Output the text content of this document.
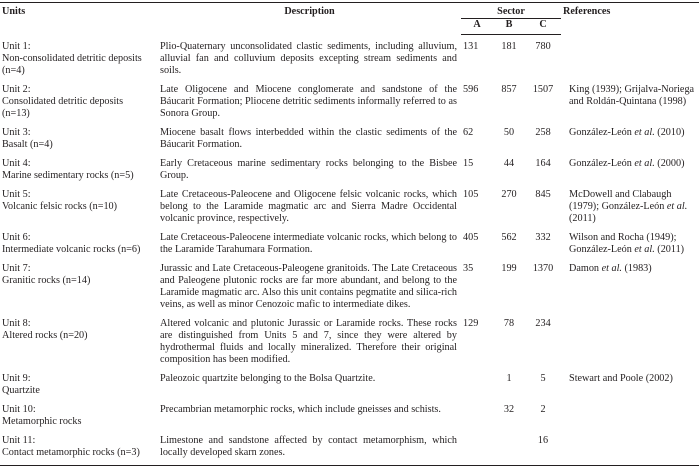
Units	Description	Sector			References
		A	B	C	

Unit 1:
Non-consolidated detritic deposits
(n=4)	Plio-Quaternary unconsolidated clastic sediments, including alluvium, alluvial fan and colluvium deposits excepting stream sediments and soils.	131	181	780	

Unit 2:
Consolidated detritic deposits
(n=13)	Late Oligocene and Miocene conglomerate and sandstone of the Báucarit Formation; Pliocene detritic sediments informally referred to as Sonora Group.	596	857	1507	King (1939); Grijalva-Noriega and Roldán-Quintana (1998)

Unit 3:
Basalt (n=4)	Miocene basalt flows interbedded within the clastic sediments of the Báucarit Formation.	62	50	258	González-León et al. (2010)

Unit 4:
Marine sedimentary rocks (n=5)	Early Cretaceous marine sedimentary rocks belonging to the Bisbee Group.	15	44	164	González-León et al. (2000)

Unit 5:
Volcanic felsic rocks (n=10)	Late Cretaceous-Paleocene and Oligocene felsic volcanic rocks, which belong to the Laramide magmatic arc and Sierra Madre Occidental volcanic province, respectively.	105	270	845	McDowell and Clabaugh (1979); González-León et al. (2011)

Unit 6:
Intermediate volcanic rocks (n=6)	Late Cretaceous-Paleocene intermediate volcanic rocks, which belong to the Laramide Tarahumara Formation.	405	562	332	Wilson and Rocha (1949); González-León et al. (2011)

Unit 7:
Granitic rocks (n=14)	Jurassic and Late Cretaceous-Paleogene granitoids. The Late Cretaceous and Paleogene plutonic rocks are far more abundant, and belong to the Laramide magmatic arc. Also this unit contains pegmatite and silica-rich veins, as well as minor Cenozoic mafic to intermediate dikes.	35	199	1370	Damon et al. (1983)

Unit 8:
Altered rocks (n=20)	Altered volcanic and plutonic Jurassic or Laramide rocks. These rocks are distinguished from Units 5 and 7, since they were altered by hydrothermal fluids and locally mineralized. Therefore their original composition has been modified.	129	78	234	

Unit 9:
Quartzite	Paleozoic quartzite belonging to the Bolsa Quartzite.		1	5	Stewart and Poole (2002)

Unit 10:
Metamorphic rocks	Precambrian metamorphic rocks, which include gneisses and schists.		32	2	

Unit 11:
Contact metamorphic rocks (n=3)	Limestone and sandstone affected by contact metamorphism, which locally developed skarn zones.			16	
